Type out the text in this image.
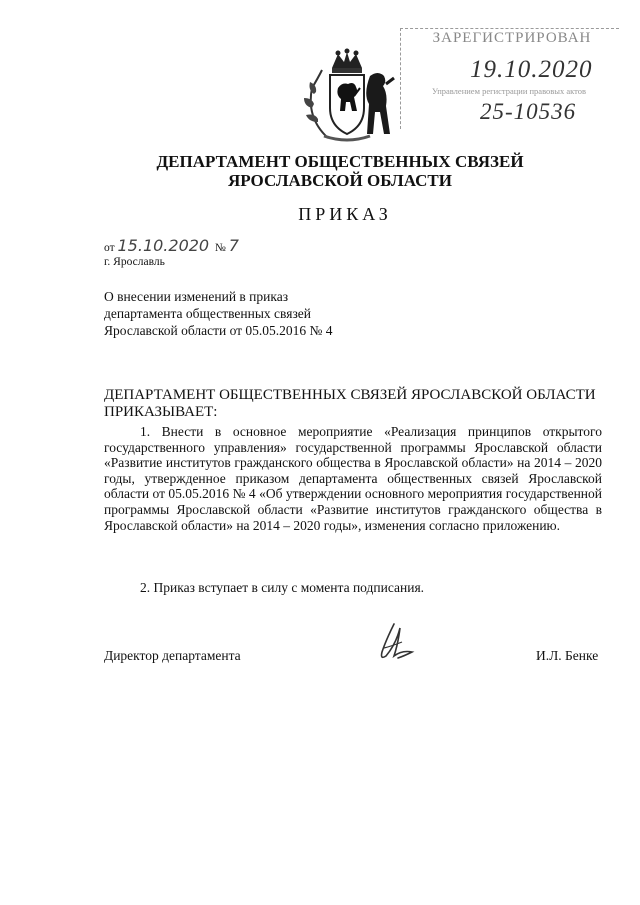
ЗАРЕГИСТРИРОВАН
19.10.2020
Управлением регистрации правовых актов
25-10536
ДЕПАРТАМЕНТ ОБЩЕСТВЕННЫХ СВЯЗЕЙ
ЯРОСЛАВСКОЙ ОБЛАСТИ
ПРИКАЗ
от 15.10.2020 № 7
г. Ярославль
О внесении изменений в приказ департамента общественных связей Ярославской области от 05.05.2016 № 4
ДЕПАРТАМЕНТ ОБЩЕСТВЕННЫХ СВЯЗЕЙ ЯРОСЛАВСКОЙ ОБЛАСТИ ПРИКАЗЫВАЕТ:
1. Внести в основное мероприятие «Реализация принципов открытого государственного управления» государственной программы Ярославской области «Развитие институтов гражданского общества в Ярославской области» на 2014 – 2020 годы, утвержденное приказом департамента общественных связей Ярославской области от 05.05.2016 № 4 «Об утверждении основного мероприятия государственной программы Ярославской области «Развитие институтов гражданского общества в Ярославской области» на 2014 – 2020 годы», изменения согласно приложению.
2. Приказ вступает в силу с момента подписания.
Директор департамента	И.Л. Бенке
